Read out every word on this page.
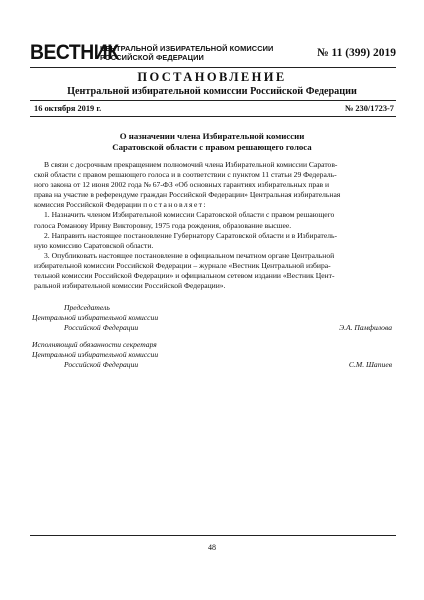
ВЕСТНИК
ЦЕНТРАЛЬНОЙ ИЗБИРАТЕЛЬНОЙ КОМИССИИ
РОССИЙСКОЙ ФЕДЕРАЦИИ	№ 11 (399) 2019
ПОСТАНОВЛЕНИЕ
Центральной избирательной комиссии Российской Федерации
16 октября 2019 г.	№ 230/1723-7
О назначении члена Избирательной комиссии
Саратовской области с правом решающего голоса

В связи с досрочным прекращением полномочий члена Избирательной комиссии Саратов-
ской области с правом решающего голоса и в соответствии с пунктом 11 статьи 29 Федераль-
ного закона от 12 июня 2002 года № 67-ФЗ «Об основных гарантиях избирательных прав и
права на участие в референдуме граждан Российской Федерации» Центральная избирательная
комиссия Российской Федерации постановляет:

1. Назначить членом Избирательной комиссии Саратовской области с правом решающего
голоса Романову Ирину Викторовну, 1975 года рождения, образование высшее.

2. Направить настоящее постановление Губернатору Саратовской области и в Избиратель-
ную комиссию Саратовской области.

3. Опубликовать настоящее постановление в официальном печатном органе Центральной
избирательной комиссии Российской Федерации – журнале «Вестник Центральной избира-
тельной комиссии Российской Федерации» и официальном сетевом издании «Вестник Цент-
ральной избирательной комиссии Российской Федерации».

Председатель
Центральной избирательной комиссии
Российской Федерации	Э.А. Памфилова
Исполняющий обязанности секретаря
Центральной избирательной комиссии
Российской Федерации	С.М. Шапиев
48
